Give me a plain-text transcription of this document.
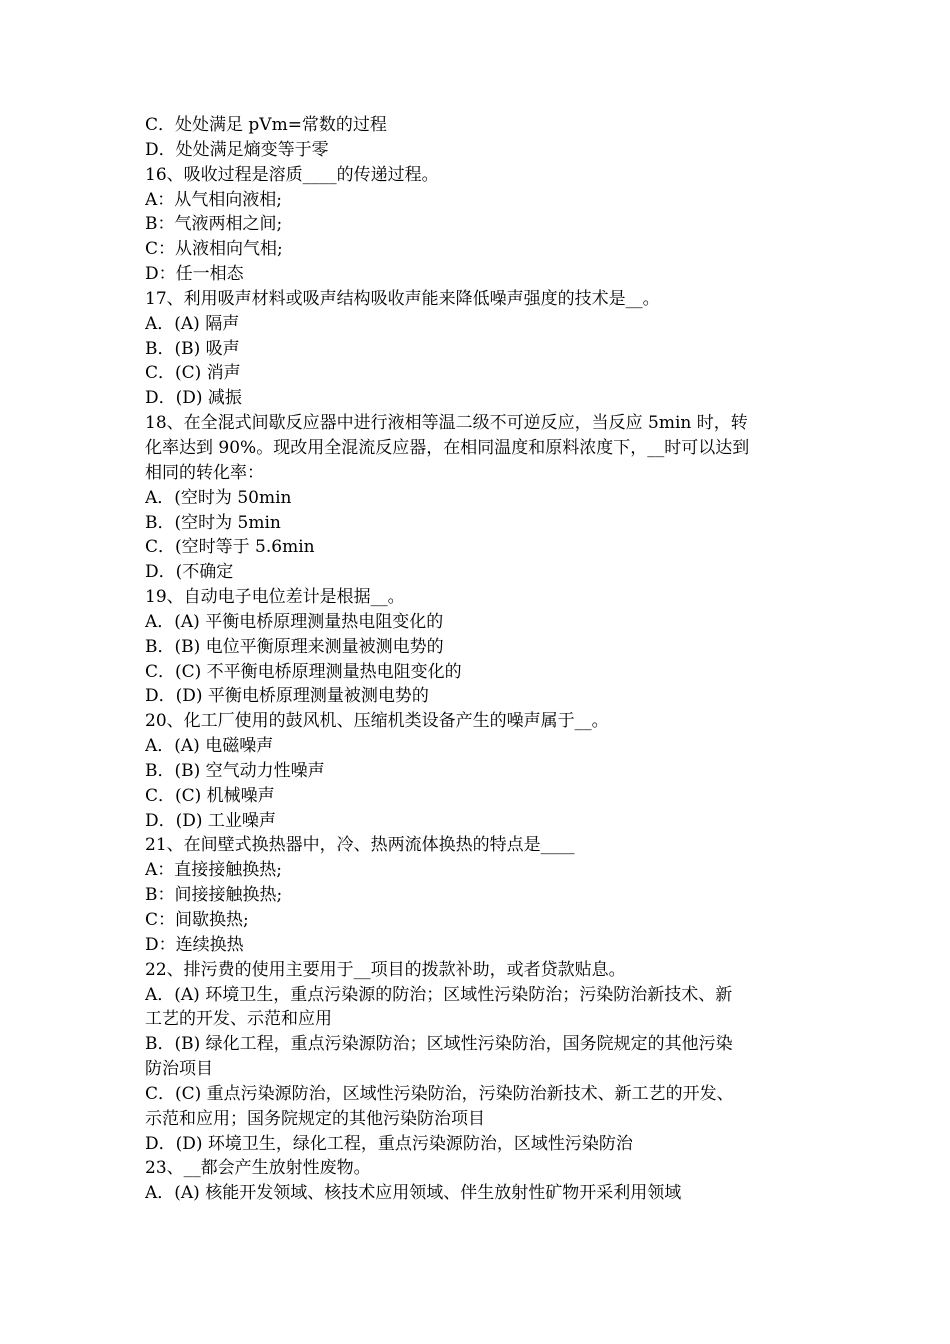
C．处处满足 pVm=常数的过程
D．处处满足熵变等于零
16、吸收过程是溶质____的传递过程。
A：从气相向液相;
B：气液两相之间;
C：从液相向气相;
D：任一相态
17、利用吸声材料或吸声结构吸收声能来降低噪声强度的技术是__。
A．(A) 隔声
B．(B) 吸声
C．(C) 消声
D．(D) 减振
18、在全混式间歇反应器中进行液相等温二级不可逆反应，当反应 5min 时，转
化率达到 90%。现改用全混流反应器，在相同温度和原料浓度下，__时可以达到
相同的转化率：
A．(空时为 50min
B．(空时为 5min
C．(空时等于 5.6min
D．(不确定
19、自动电子电位差计是根据__。
A．(A) 平衡电桥原理测量热电阻变化的
B．(B) 电位平衡原理来测量被测电势的
C．(C) 不平衡电桥原理测量热电阻变化的
D．(D) 平衡电桥原理测量被测电势的
20、化工厂使用的鼓风机、压缩机类设备产生的噪声属于__。
A．(A) 电磁噪声
B．(B) 空气动力性噪声
C．(C) 机械噪声
D．(D) 工业噪声
21、在间壁式换热器中，冷、热两流体换热的特点是____
A：直接接触换热;
B：间接接触换热;
C：间歇换热;
D：连续换热
22、排污费的使用主要用于__项目的拨款补助，或者贷款贴息。
A．(A) 环境卫生，重点污染源的防治；区域性污染防治；污染防治新技术、新
工艺的开发、示范和应用
B．(B) 绿化工程，重点污染源防治；区域性污染防治，国务院规定的其他污染
防治项目
C．(C) 重点污染源防治，区域性污染防治，污染防治新技术、新工艺的开发、
示范和应用；国务院规定的其他污染防治项目
D．(D) 环境卫生，绿化工程，重点污染源防治，区域性污染防治
23、__都会产生放射性废物。
A．(A) 核能开发领域、核技术应用领域、伴生放射性矿物开采利用领域
